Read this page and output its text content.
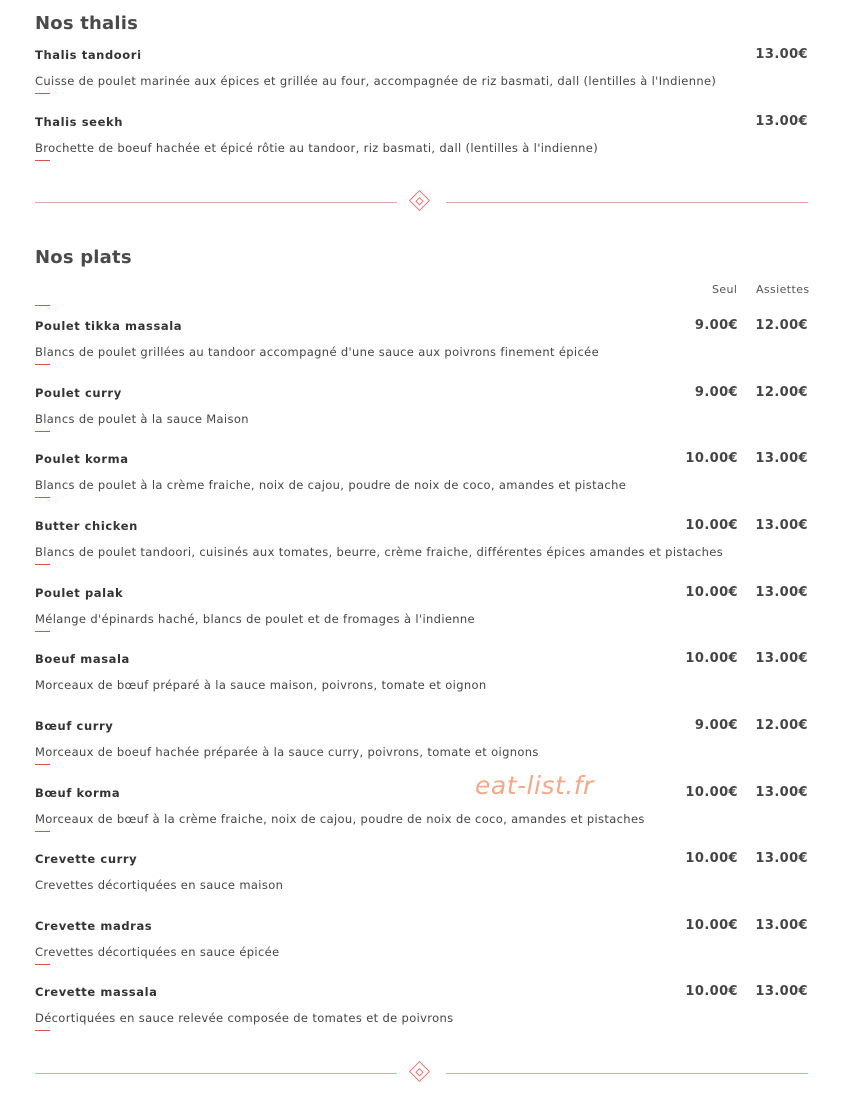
Nos thalis
Thalis tandoori	13.00€
Cuisse de poulet marinée aux épices et grillée au four, accompagnée de riz basmati, dall (lentilles à l'Indienne)
Thalis seekh	13.00€
Brochette de boeuf hachée et épicé rôtie au tandoor, riz basmati, dall (lentilles à l'indienne)
Nos plats
Seul Assiettes
Poulet tikka massala	9.00€ 12.00€
Blancs de poulet grillées au tandoor accompagné d'une sauce aux poivrons finement épicée
Poulet curry	9.00€ 12.00€
Blancs de poulet à la sauce Maison
Poulet korma	10.00€ 13.00€
Blancs de poulet à la crème fraiche, noix de cajou, poudre de noix de coco, amandes et pistache
Butter chicken	10.00€ 13.00€
Blancs de poulet tandoori, cuisinés aux tomates, beurre, crème fraiche, différentes épices amandes et pistaches
Poulet palak	10.00€ 13.00€
Mélange d'épinards haché, blancs de poulet et de fromages à l'indienne
Boeuf masala	10.00€ 13.00€
Morceaux de bœuf préparé à la sauce maison, poivrons, tomate et oignon
Bœuf curry	9.00€ 12.00€
Morceaux de boeuf hachée préparée à la sauce curry, poivrons, tomate et oignons
Bœuf korma	10.00€ 13.00€
Morceaux de bœuf à la crème fraiche, noix de cajou, poudre de noix de coco, amandes et pistaches
Crevette curry	10.00€ 13.00€
Crevettes décortiquées en sauce maison
Crevette madras	10.00€ 13.00€
Crevettes décortiquées en sauce épicée
Crevette massala	10.00€ 13.00€
Décortiquées en sauce relevée composée de tomates et de poivrons
eat-list.fr
